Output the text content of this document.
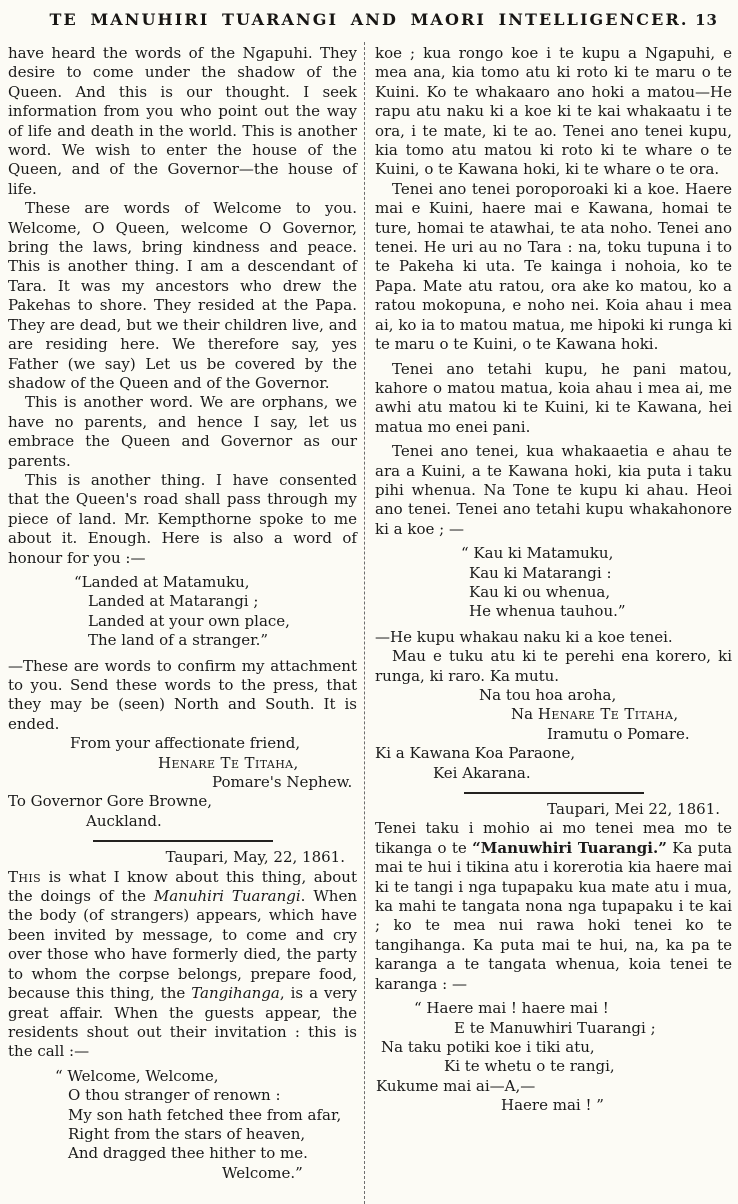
TE MANUHIRI TUARANGI AND MAORI INTELLIGENCER. 13

have heard the words of the Ngapuhi. They desire to come under the shadow of the Queen. And this is our thought. I seek information from you who point out the way of life and death in the world. This is another word. We wish to enter the house of the Queen, and of the Governor—the house of life.

These are words of Welcome to you. Welcome, O Queen, welcome O Governor, bring the laws, bring kindness and peace. This is another thing. I am a descendant of Tara. It was my ancestors who drew the Pakehas to shore. They resided at the Papa. They are dead, but we their children live, and are residing here. We therefore say, yes Father (we say) Let us be covered by the shadow of the Queen and of the Governor.

This is another word. We are orphans, we have no parents, and hence I say, let us embrace the Queen and Governor as our parents.

This is another thing. I have consented that the Queen's road shall pass through my piece of land. Mr. Kempthorne spoke to me about it. Enough. Here is also a word of honour for you :—

“Landed at Matamuku,
Landed at Matarangi ;
Landed at your own place,
The land of a stranger.”

—These are words to confirm my attachment to you. Send these words to the press, that they may be (seen) North and South. It is ended.

From your affectionate friend,
Henare Te Titaha,
Pomare's Nephew.
To Governor Gore Browne,
Auckland.
Taupari, May, 22, 1861.

This is what I know about this thing, about the doings of the Manuhiri Tuarangi. When the body (of strangers) appears, which have been invited by message, to come and cry over those who have formerly died, the party to whom the corpse belongs, prepare food, because this thing, the Tangihanga, is a very great affair. When the guests appear, the residents shout out their invitation : this is the call :—

“ Welcome, Welcome,
O thou stranger of renown :
My son hath fetched thee from afar,
Right from the stars of heaven,
And dragged thee hither to me.
Welcome.”

koe ; kua rongo koe i te kupu a Ngapuhi, e mea ana, kia tomo atu ki roto ki te maru o te Kuini. Ko te whakaaro ano hoki a matou—He rapu atu naku ki a koe ki te kai whakaatu i te ora, i te mate, ki te ao. Tenei ano tenei kupu, kia tomo atu matou ki roto ki te whare o te Kuini, o te Kawana hoki, ki te whare o te ora.

Tenei ano tenei poroporoaki ki a koe. Haere mai e Kuini, haere mai e Kawana, homai te ture, homai te atawhai, te ata noho. Tenei ano tenei. He uri au no Tara : na, toku tupuna i to te Pakeha ki uta. Te kainga i nohoia, ko te Papa. Mate atu ratou, ora ake ko matou, ko a ratou mokopuna, e noho nei. Koia ahau i mea ai, ko ia to matou matua, me hipoki ki runga ki te maru o te Kuini, o te Kawana hoki.

Tenei ano tetahi kupu, he pani matou, kahore o matou matua, koia ahau i mea ai, me awhi atu matou ki te Kuini, ki te Kawana, hei matua mo enei pani.

Tenei ano tenei, kua whakaaetia e ahau te ara a Kuini, a te Kawana hoki, kia puta i taku pihi whenua. Na Tone te kupu ki ahau. Heoi ano tenei. Tenei ano tetahi kupu whakahonore ki a koe ; —

“ Kau ki Matamuku,
Kau ki Matarangi :
Kau ki ou whenua,
He whenua tauhou.”

—He kupu whakau naku ki a koe tenei.

Mau e tuku atu ki te perehi ena korero, ki runga, ki raro. Ka mutu.

Na tou hoa aroha,
Na Henare Te Titaha,
Iramutu o Pomare.
Ki a Kawana Koa Paraone,
Kei Akarana.
Taupari, Mei 22, 1861.

Tenei taku i mohio ai mo tenei mea mo te tikanga o te “Manuwhiri Tuarangi.” Ka puta mai te hui i tikina atu i korerotia kia haere mai ki te tangi i nga tupapaku kua mate atu i mua, ka mahi te tangata nona nga tupapaku i te kai ; ko te mea nui rawa hoki tenei ko te tangihanga. Ka puta mai te hui, na, ka pa te karanga a te tangata whenua, koia tenei te karanga : —

“ Haere mai ! haere mai !
E te Manuwhiri Tuarangi ;
Na taku potiki koe i tiki atu,
Ki te whetu o te rangi,
Kukume mai ai—A,—
Haere mai ! ”
